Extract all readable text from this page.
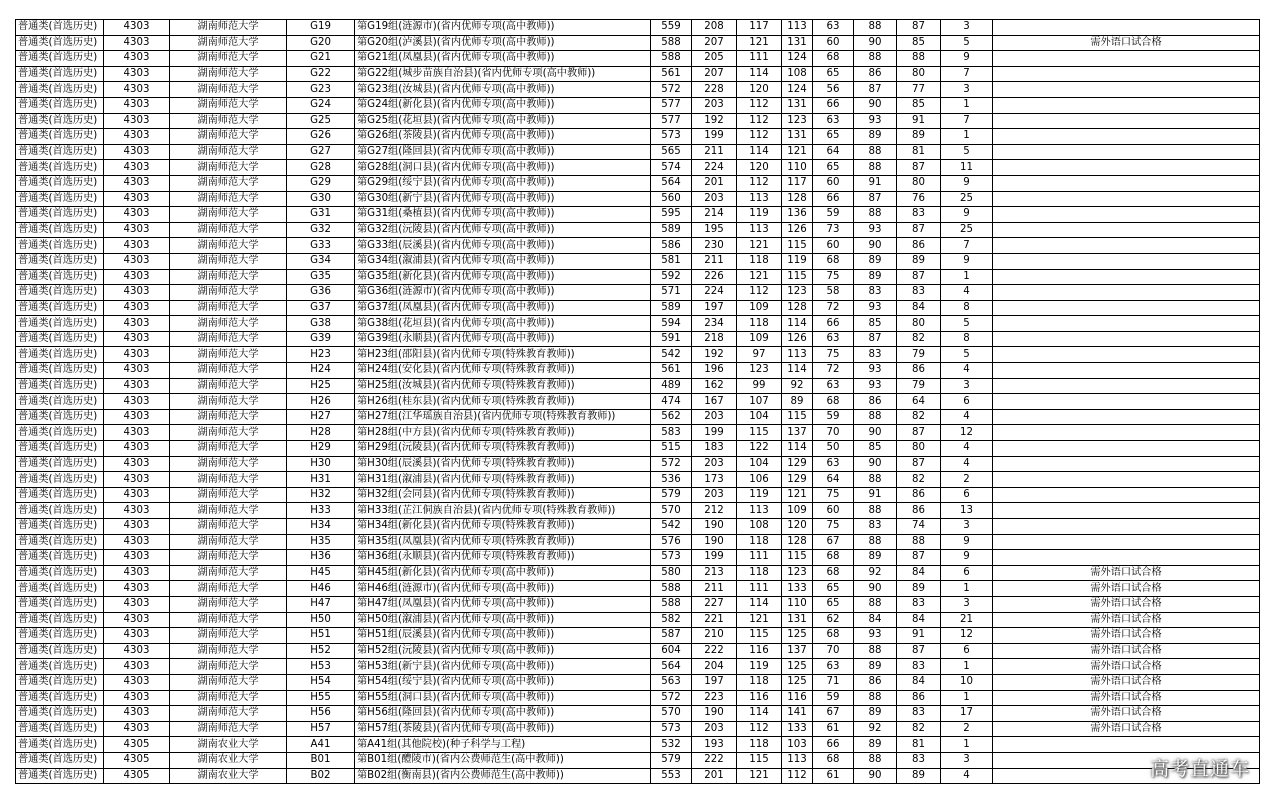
普通类(首选历史)	4303	湖南师范大学	G19	第G19组(涟源市)(省内优师专项(高中教师))	559	208	117	113	63	88	87	3	
普通类(首选历史)	4303	湖南师范大学	G20	第G20组(泸溪县)(省内优师专项(高中教师))	588	207	121	131	60	90	85	5	需外语口试合格
普通类(首选历史)	4303	湖南师范大学	G21	第G21组(凤凰县)(省内优师专项(高中教师))	588	205	111	124	68	88	88	9	
普通类(首选历史)	4303	湖南师范大学	G22	第G22组(城步苗族自治县)(省内优师专项(高中教师))	561	207	114	108	65	86	80	7	
普通类(首选历史)	4303	湖南师范大学	G23	第G23组(汝城县)(省内优师专项(高中教师))	572	228	120	124	56	87	77	3	
普通类(首选历史)	4303	湖南师范大学	G24	第G24组(新化县)(省内优师专项(高中教师))	577	203	112	131	66	90	85	1	
普通类(首选历史)	4303	湖南师范大学	G25	第G25组(花垣县)(省内优师专项(高中教师))	577	192	112	123	63	93	91	7	
普通类(首选历史)	4303	湖南师范大学	G26	第G26组(茶陵县)(省内优师专项(高中教师))	573	199	112	131	65	89	89	1	
普通类(首选历史)	4303	湖南师范大学	G27	第G27组(隆回县)(省内优师专项(高中教师))	565	211	114	121	64	88	81	5	
普通类(首选历史)	4303	湖南师范大学	G28	第G28组(洞口县)(省内优师专项(高中教师))	574	224	120	110	65	88	87	11	
普通类(首选历史)	4303	湖南师范大学	G29	第G29组(绥宁县)(省内优师专项(高中教师))	564	201	112	117	60	91	80	9	
普通类(首选历史)	4303	湖南师范大学	G30	第G30组(新宁县)(省内优师专项(高中教师))	560	203	113	128	66	87	76	25	
普通类(首选历史)	4303	湖南师范大学	G31	第G31组(桑植县)(省内优师专项(高中教师))	595	214	119	136	59	88	83	9	
普通类(首选历史)	4303	湖南师范大学	G32	第G32组(沅陵县)(省内优师专项(高中教师))	589	195	113	126	73	93	87	25	
普通类(首选历史)	4303	湖南师范大学	G33	第G33组(辰溪县)(省内优师专项(高中教师))	586	230	121	115	60	90	86	7	
普通类(首选历史)	4303	湖南师范大学	G34	第G34组(溆浦县)(省内优师专项(高中教师))	581	211	118	119	68	89	89	9	
普通类(首选历史)	4303	湖南师范大学	G35	第G35组(新化县)(省内优师专项(高中教师))	592	226	121	115	75	89	87	1	
普通类(首选历史)	4303	湖南师范大学	G36	第G36组(涟源市)(省内优师专项(高中教师))	571	224	112	123	58	83	83	4	
普通类(首选历史)	4303	湖南师范大学	G37	第G37组(凤凰县)(省内优师专项(高中教师))	589	197	109	128	72	93	84	8	
普通类(首选历史)	4303	湖南师范大学	G38	第G38组(花垣县)(省内优师专项(高中教师))	594	234	118	114	66	85	80	5	
普通类(首选历史)	4303	湖南师范大学	G39	第G39组(永顺县)(省内优师专项(高中教师))	591	218	109	126	63	87	82	8	
普通类(首选历史)	4303	湖南师范大学	H23	第H23组(邵阳县)(省内优师专项(特殊教育教师))	542	192	97	113	75	83	79	5	
普通类(首选历史)	4303	湖南师范大学	H24	第H24组(安化县)(省内优师专项(特殊教育教师))	561	196	123	114	72	93	86	4	
普通类(首选历史)	4303	湖南师范大学	H25	第H25组(汝城县)(省内优师专项(特殊教育教师))	489	162	99	92	63	93	79	3	
普通类(首选历史)	4303	湖南师范大学	H26	第H26组(桂东县)(省内优师专项(特殊教育教师))	474	167	107	89	68	86	64	6	
普通类(首选历史)	4303	湖南师范大学	H27	第H27组(江华瑶族自治县)(省内优师专项(特殊教育教师))	562	203	104	115	59	88	82	4	
普通类(首选历史)	4303	湖南师范大学	H28	第H28组(中方县)(省内优师专项(特殊教育教师))	583	199	115	137	70	90	87	12	
普通类(首选历史)	4303	湖南师范大学	H29	第H29组(沅陵县)(省内优师专项(特殊教育教师))	515	183	122	114	50	85	80	4	
普通类(首选历史)	4303	湖南师范大学	H30	第H30组(辰溪县)(省内优师专项(特殊教育教师))	572	203	104	129	63	90	87	4	
普通类(首选历史)	4303	湖南师范大学	H31	第H31组(溆浦县)(省内优师专项(特殊教育教师))	536	173	106	129	64	88	82	2	
普通类(首选历史)	4303	湖南师范大学	H32	第H32组(会同县)(省内优师专项(特殊教育教师))	579	203	119	121	75	91	86	6	
普通类(首选历史)	4303	湖南师范大学	H33	第H33组(芷江侗族自治县)(省内优师专项(特殊教育教师))	570	212	113	109	60	88	86	13	
普通类(首选历史)	4303	湖南师范大学	H34	第H34组(新化县)(省内优师专项(特殊教育教师))	542	190	108	120	75	83	74	3	
普通类(首选历史)	4303	湖南师范大学	H35	第H35组(凤凰县)(省内优师专项(特殊教育教师))	576	190	118	128	67	88	88	9	
普通类(首选历史)	4303	湖南师范大学	H36	第H36组(永顺县)(省内优师专项(特殊教育教师))	573	199	111	115	68	89	87	9	
普通类(首选历史)	4303	湖南师范大学	H45	第H45组(新化县)(省内优师专项(高中教师))	580	213	118	123	68	92	84	6	需外语口试合格
普通类(首选历史)	4303	湖南师范大学	H46	第H46组(涟源市)(省内优师专项(高中教师))	588	211	111	133	65	90	89	1	需外语口试合格
普通类(首选历史)	4303	湖南师范大学	H47	第H47组(凤凰县)(省内优师专项(高中教师))	588	227	114	110	65	88	83	3	需外语口试合格
普通类(首选历史)	4303	湖南师范大学	H50	第H50组(溆浦县)(省内优师专项(高中教师))	582	221	121	131	62	84	84	21	需外语口试合格
普通类(首选历史)	4303	湖南师范大学	H51	第H51组(辰溪县)(省内优师专项(高中教师))	587	210	115	125	68	93	91	12	需外语口试合格
普通类(首选历史)	4303	湖南师范大学	H52	第H52组(沅陵县)(省内优师专项(高中教师))	604	222	116	137	70	88	87	6	需外语口试合格
普通类(首选历史)	4303	湖南师范大学	H53	第H53组(新宁县)(省内优师专项(高中教师))	564	204	119	125	63	89	83	1	需外语口试合格
普通类(首选历史)	4303	湖南师范大学	H54	第H54组(绥宁县)(省内优师专项(高中教师))	563	197	118	125	71	86	84	10	需外语口试合格
普通类(首选历史)	4303	湖南师范大学	H55	第H55组(洞口县)(省内优师专项(高中教师))	572	223	116	116	59	88	86	1	需外语口试合格
普通类(首选历史)	4303	湖南师范大学	H56	第H56组(隆回县)(省内优师专项(高中教师))	570	190	114	141	67	89	83	17	需外语口试合格
普通类(首选历史)	4303	湖南师范大学	H57	第H57组(茶陵县)(省内优师专项(高中教师))	573	203	112	133	61	92	82	2	需外语口试合格
普通类(首选历史)	4305	湖南农业大学	A41	第A41组(其他院校)(种子科学与工程)	532	193	118	103	66	89	81	1	
普通类(首选历史)	4305	湖南农业大学	B01	第B01组(醴陵市)(省内公费师范生(高中教师))	579	222	115	113	68	88	83	3	
普通类(首选历史)	4305	湖南农业大学	B02	第B02组(衡南县)(省内公费师范生(高中教师))	553	201	121	112	61	90	89	4		高考直通车
